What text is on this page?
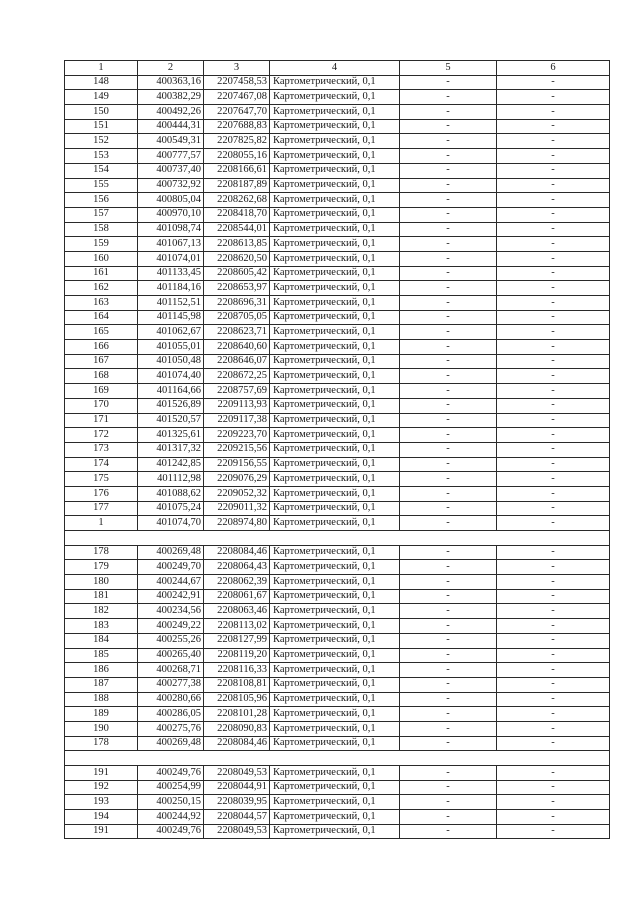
1	2	3	4	5	6
148	400363,16	2207458,53	Картометрический, 0,1	-	-
149	400382,29	2207467,08	Картометрический, 0,1	-	-
150	400492,26	2207647,70	Картометрический, 0,1	-	-
151	400444,31	2207688,83	Картометрический, 0,1	-	-
152	400549,31	2207825,82	Картометрический, 0,1	-	-
153	400777,57	2208055,16	Картометрический, 0,1	-	-
154	400737,40	2208166,61	Картометрический, 0,1	-	-
155	400732,92	2208187,89	Картометрический, 0,1	-	-
156	400805,04	2208262,68	Картометрический, 0,1	-	-
157	400970,10	2208418,70	Картометрический, 0,1	-	-
158	401098,74	2208544,01	Картометрический, 0,1	-	-
159	401067,13	2208613,85	Картометрический, 0,1	-	-
160	401074,01	2208620,50	Картометрический, 0,1	-	-
161	401133,45	2208605,42	Картометрический, 0,1	-	-
162	401184,16	2208653,97	Картометрический, 0,1	-	-
163	401152,51	2208696,31	Картометрический, 0,1	-	-
164	401145,98	2208705,05	Картометрический, 0,1	-	-
165	401062,67	2208623,71	Картометрический, 0,1	-	-
166	401055,01	2208640,60	Картометрический, 0,1	-	-
167	401050,48	2208646,07	Картометрический, 0,1	-	-
168	401074,40	2208672,25	Картометрический, 0,1	-	-
169	401164,66	2208757,69	Картометрический, 0,1	-	-
170	401526,89	2209113,93	Картометрический, 0,1	-	-
171	401520,57	2209117,38	Картометрический, 0,1	-	-
172	401325,61	2209223,70	Картометрический, 0,1	-	-
173	401317,32	2209215,56	Картометрический, 0,1	-	-
174	401242,85	2209156,55	Картометрический, 0,1	-	-
175	401112,98	2209076,29	Картометрический, 0,1	-	-
176	401088,62	2209052,32	Картометрический, 0,1	-	-
177	401075,24	2209011,32	Картометрический, 0,1	-	-
1	401074,70	2208974,80	Картометрический, 0,1	-	-

178	400269,48	2208084,46	Картометрический, 0,1	-	-
179	400249,70	2208064,43	Картометрический, 0,1	-	-
180	400244,67	2208062,39	Картометрический, 0,1	-	-
181	400242,91	2208061,67	Картометрический, 0,1	-	-
182	400234,56	2208063,46	Картометрический, 0,1	-	-
183	400249,22	2208113,02	Картометрический, 0,1	-	-
184	400255,26	2208127,99	Картометрический, 0,1	-	-
185	400265,40	2208119,20	Картометрический, 0,1	-	-
186	400268,71	2208116,33	Картометрический, 0,1	-	-
187	400277,38	2208108,81	Картометрический, 0,1	-	-
188	400280,66	2208105,96	Картометрический, 0,1	-	-
189	400286,05	2208101,28	Картометрический, 0,1	-	-
190	400275,76	2208090,83	Картометрический, 0,1	-	-
178	400269,48	2208084,46	Картометрический, 0,1	-	-

191	400249,76	2208049,53	Картометрический, 0,1	-	-
192	400254,99	2208044,91	Картометрический, 0,1	-	-
193	400250,15	2208039,95	Картометрический, 0,1	-	-
194	400244,92	2208044,57	Картометрический, 0,1	-	-
191	400249,76	2208049,53	Картометрический, 0,1	-	-
